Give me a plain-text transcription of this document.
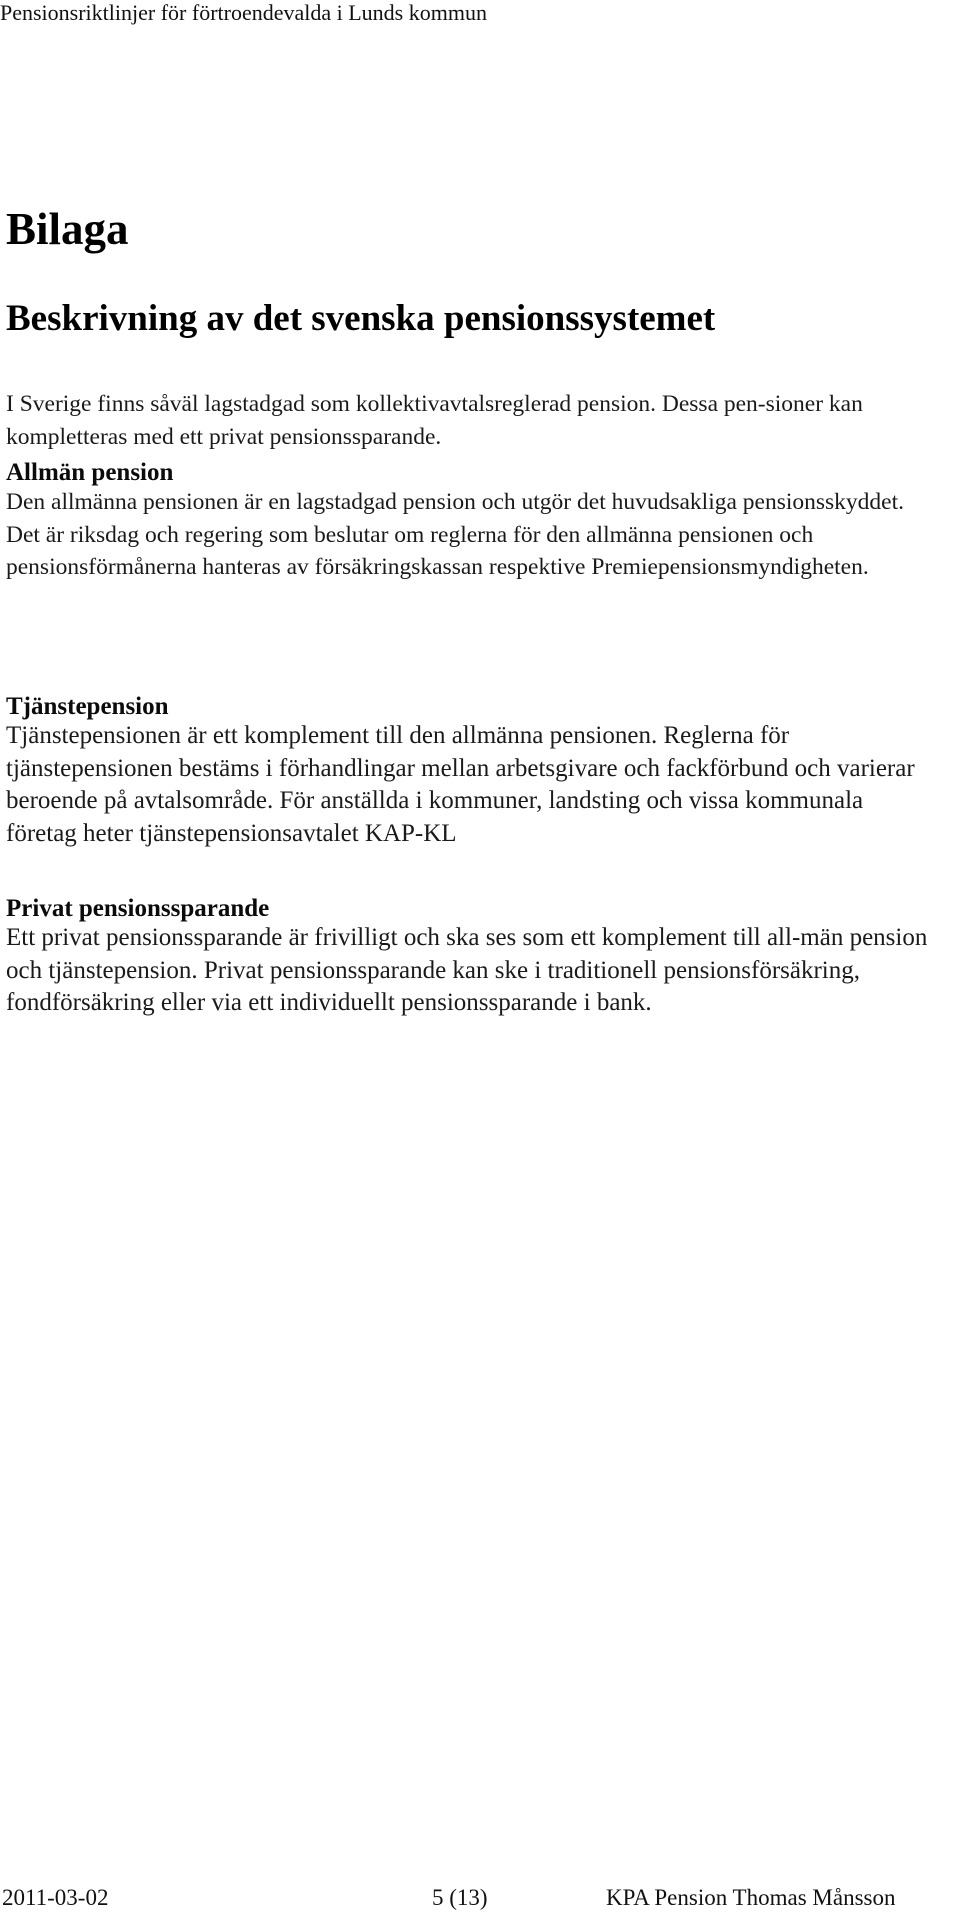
Pensionsriktlinjer för förtroendevalda i Lunds kommun
Bilaga
Beskrivning av det svenska pensionssystemet

I Sverige finns såväl lagstadgad som kollektivavtalsreglerad pension. Dessa pen-sioner kan kompletteras med ett privat pensionssparande.

Allmän pension

Den allmänna pensionen är en lagstadgad pension och utgör det huvudsakliga pensionsskyddet. Det är riksdag och regering som beslutar om reglerna för den allmänna pensionen och pensionsförmånerna hanteras av försäkringskassan respektive Premiepensionsmyndigheten.

Tjänstepension

Tjänstepensionen är ett komplement till den allmänna pensionen. Reglerna för tjänstepensionen bestäms i förhandlingar mellan arbetsgivare och fackförbund och varierar beroende på avtalsområde. För anställda i kommuner, landsting och vissa kommunala företag heter tjänstepensionsavtalet KAP-KL

Privat pensionssparande

Ett privat pensionssparande är frivilligt och ska ses som ett komplement till all-män pension och tjänstepension. Privat pensionssparande kan ske i traditionell pensionsförsäkring, fondförsäkring eller via ett individuellt pensionssparande i bank.

2011-03-02	5 (13)	KPA Pension Thomas Månsson
